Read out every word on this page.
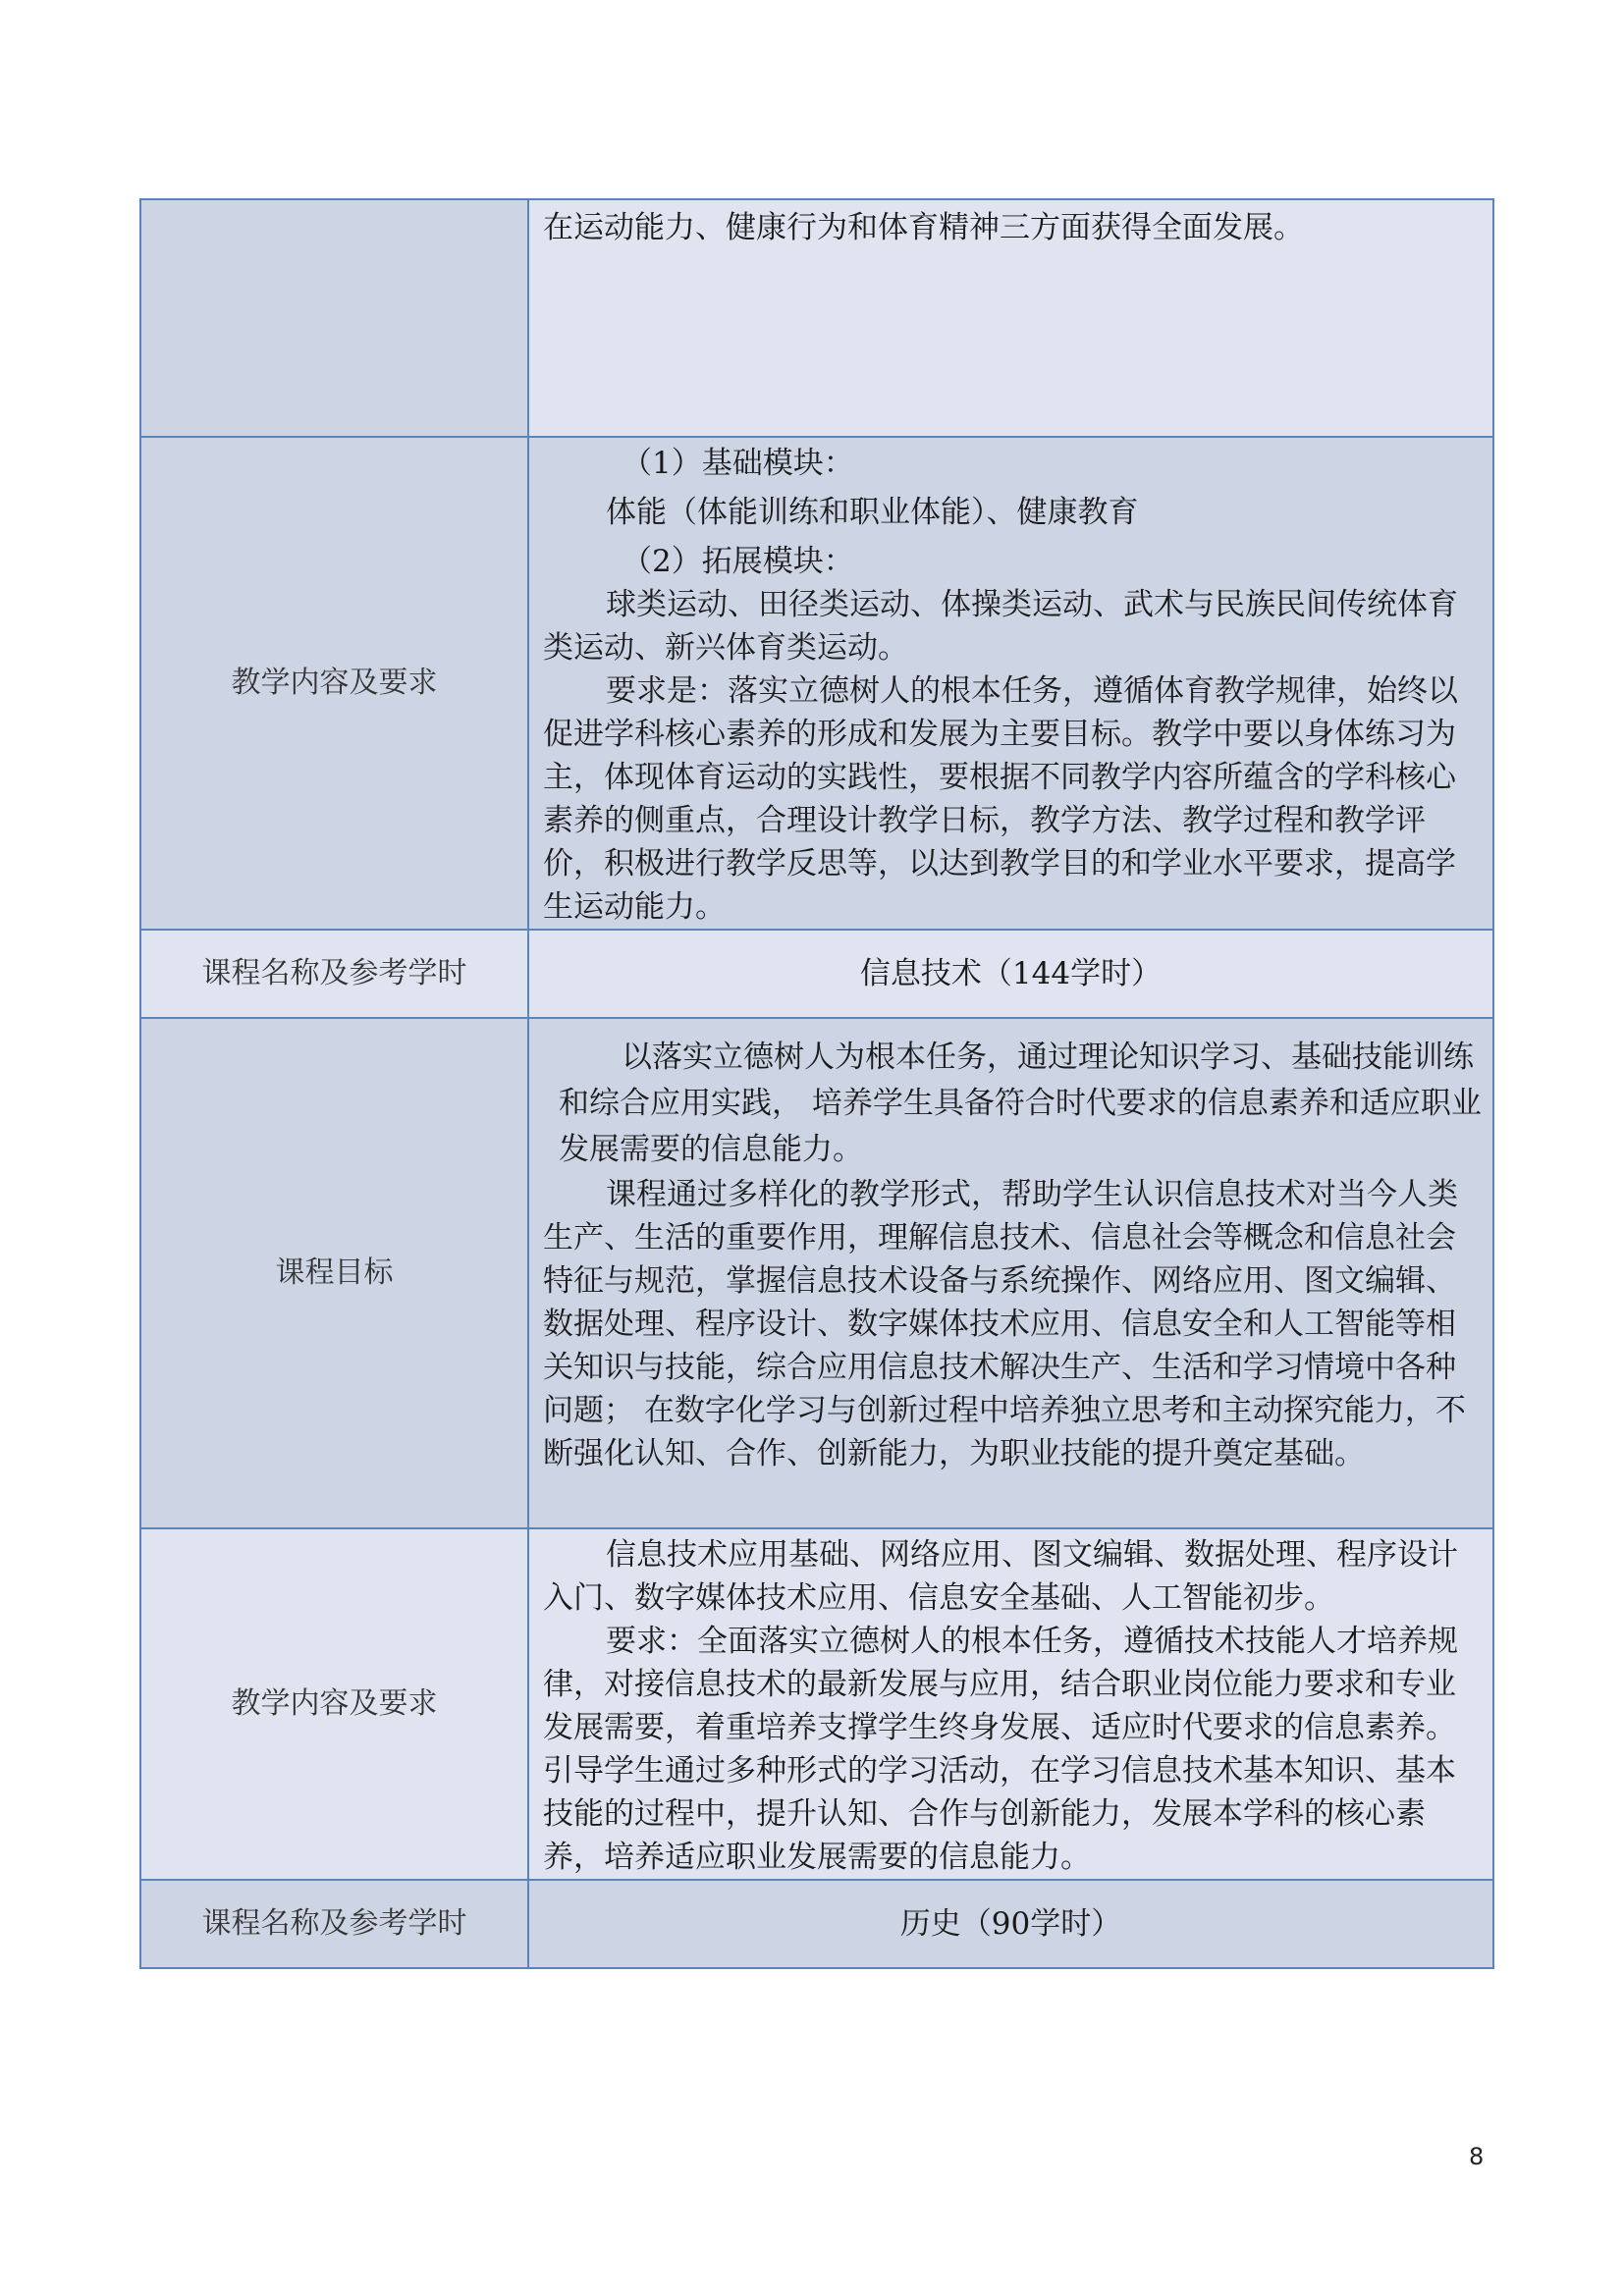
	在运动能力、健康行为和体育精神三方面获得全面发展。

教学内容及要求	（1）基础模块：

体能（体能训练和职业体能）、健康教育

（2）拓展模块：

球类运动、田径类运动、体操类运动、武术与民族民间传统体育类运动、新兴体育类运动。

要求是：落实立德树人的根本任务，遵循体育教学规律，始终以促进学科核心素养的形成和发展为主要目标。教学中要以身体练习为主，体现体育运动的实践性，要根据不同教学内容所蕴含的学科核心素养的侧重点，合理设计教学日标，教学方法、教学过程和教学评价，积极进行教学反思等，以达到教学目的和学业水平要求，提高学生运动能力。

课程名称及参考学时	信息技术（144学时）
课程目标	以落实立德树人为根本任务，通过理论知识学习、基础技能训练和综合应用实践， 培养学生具备符合时代要求的信息素养和适应职业发展需要的信息能力。

课程通过多样化的教学形式，帮助学生认识信息技术对当今人类生产、生活的重要作用，理解信息技术、信息社会等概念和信息社会特征与规范，掌握信息技术设备与系统操作、网络应用、图文编辑、数据处理、程序设计、数字媒体技术应用、信息安全和人工智能等相关知识与技能，综合应用信息技术解决生产、生活和学习情境中各种问题； 在数字化学习与创新过程中培养独立思考和主动探究能力，不断强化认知、合作、创新能力，为职业技能的提升奠定基础。

教学内容及要求	信息技术应用基础、网络应用、图文编辑、数据处理、程序设计入门、数字媒体技术应用、信息安全基础、人工智能初步。

要求：全面落实立德树人的根本任务，遵循技术技能人才培养规律，对接信息技术的最新发展与应用，结合职业岗位能力要求和专业发展需要，着重培养支撑学生终身发展、适应时代要求的信息素养。引导学生通过多种形式的学习活动，在学习信息技术基本知识、基本技能的过程中，提升认知、合作与创新能力，发展本学科的核心素养，培养适应职业发展需要的信息能力。

课程名称及参考学时	历史（90学时）
8
